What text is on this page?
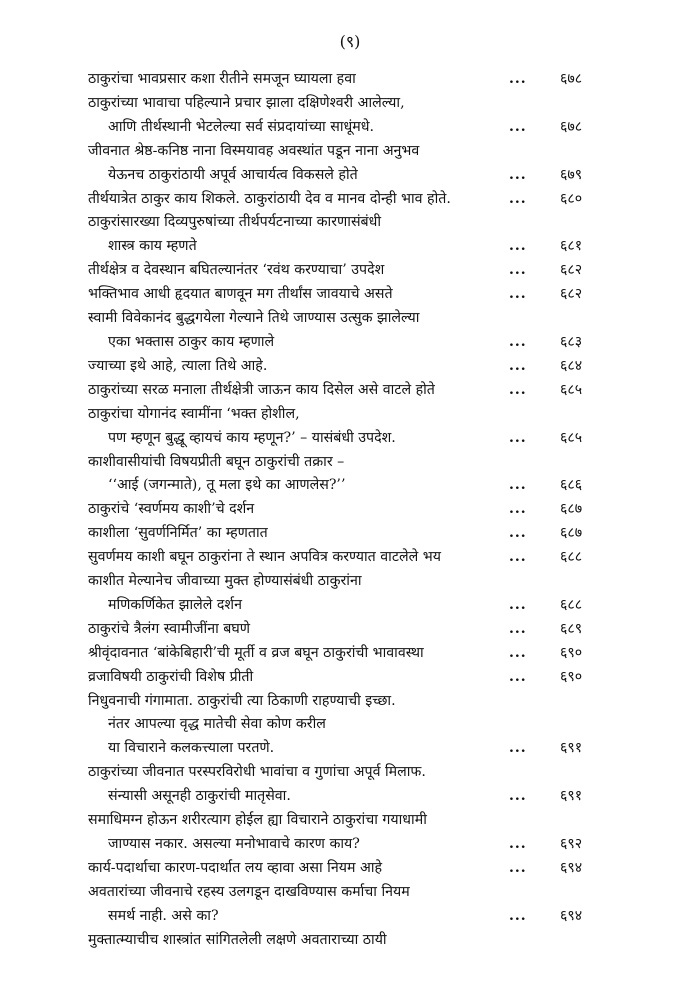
(९)
ठाकुरांचा भावप्रसार कशा रीतीने समजून घ्यायला हवा	...	६७८
ठाकुरांच्या भावाचा पहिल्याने प्रचार झाला दक्षिणेश्वरी आलेल्या,
आणि तीर्थस्थानी भेटलेल्या सर्व संप्रदायांच्या साधूंमधे.	...	६७८
जीवनात श्रेष्ठ-कनिष्ठ नाना विस्मयावह अवस्थांत पडून नाना अनुभव
येऊनच ठाकुरांठायी अपूर्व आचार्यत्व विकसले होते	...	६७९
तीर्थयात्रेत ठाकुर काय शिकले. ठाकुरांठायी देव व मानव दोन्ही भाव होते.	...	६८०
ठाकुरांसारख्या दिव्यपुरुषांच्या तीर्थपर्यटनाच्या कारणासंबंधी
शास्त्र काय म्हणते	...	६८१
तीर्थक्षेत्र व देवस्थान बघितल्यानंतर ‘रवंथ करण्याचा’ उपदेश	...	६८२
भक्तिभाव आधी हृदयात बाणवून मग तीर्थांस जावयाचे असते	...	६८२
स्वामी विवेकानंद बुद्धगयेला गेल्याने तिथे जाण्यास उत्सुक झालेल्या
एका भक्तास ठाकुर काय म्हणाले	...	६८३
ज्याच्या इथे आहे, त्याला तिथे आहे.	...	६८४
ठाकुरांच्या सरळ मनाला तीर्थक्षेत्री जाऊन काय दिसेल असे वाटले होते	...	६८५
ठाकुरांचा योगानंद स्वामींना ‘भक्त होशील,
पण म्हणून बुद्धू व्हायचं काय म्हणून?’ – यासंबंधी उपदेश.	...	६८५
काशीवासीयांची विषयप्रीती बघून ठाकुरांची तक्रार –
‘‘आई (जगन्माते), तू मला इथे का आणलेस?’’	...	६८६
ठाकुरांचे ‘स्वर्णमय काशी’चे दर्शन	...	६८७
काशीला ‘सुवर्णनिर्मित’ का म्हणतात	...	६८७
सुवर्णमय काशी बघून ठाकुरांना ते स्थान अपवित्र करण्यात वाटलेले भय	...	६८८
काशीत मेल्यानेच जीवाच्या मुक्त होण्यासंबंधी ठाकुरांना
मणिकर्णिकेत झालेले दर्शन	...	६८८
ठाकुरांचे त्रैलंग स्वामीजींना बघणे	...	६८९
श्रीवृंदावनात ‘बांकेबिहारी’ची मूर्ती व व्रज बघून ठाकुरांची भावावस्था	...	६९०
व्रजाविषयी ठाकुरांची विशेष प्रीती	...	६९०
निधुवनाची गंगामाता. ठाकुरांची त्या ठिकाणी राहण्याची इच्छा.
नंतर आपल्या वृद्ध मातेची सेवा कोण करील
या विचाराने कलकत्त्याला परतणे.	...	६९१
ठाकुरांच्या जीवनात परस्परविरोधी भावांचा व गुणांचा अपूर्व मिलाफ.
संन्यासी असूनही ठाकुरांची मातृसेवा.	...	६९१
समाधिमग्न होऊन शरीरत्याग होईल ह्या विचाराने ठाकुरांचा गयाधामी
जाण्यास नकार. असल्या मनोभावाचे कारण काय?	...	६९२
कार्य-पदार्थाचा कारण-पदार्थात लय व्हावा असा नियम आहे	...	६९४
अवतारांच्या जीवनाचे रहस्य उलगडून दाखविण्यास कर्माचा नियम
समर्थ नाही. असे का?	...	६९४
मुक्तात्म्याचीच शास्त्रांत सांगितलेली लक्षणे अवताराच्या ठायी
